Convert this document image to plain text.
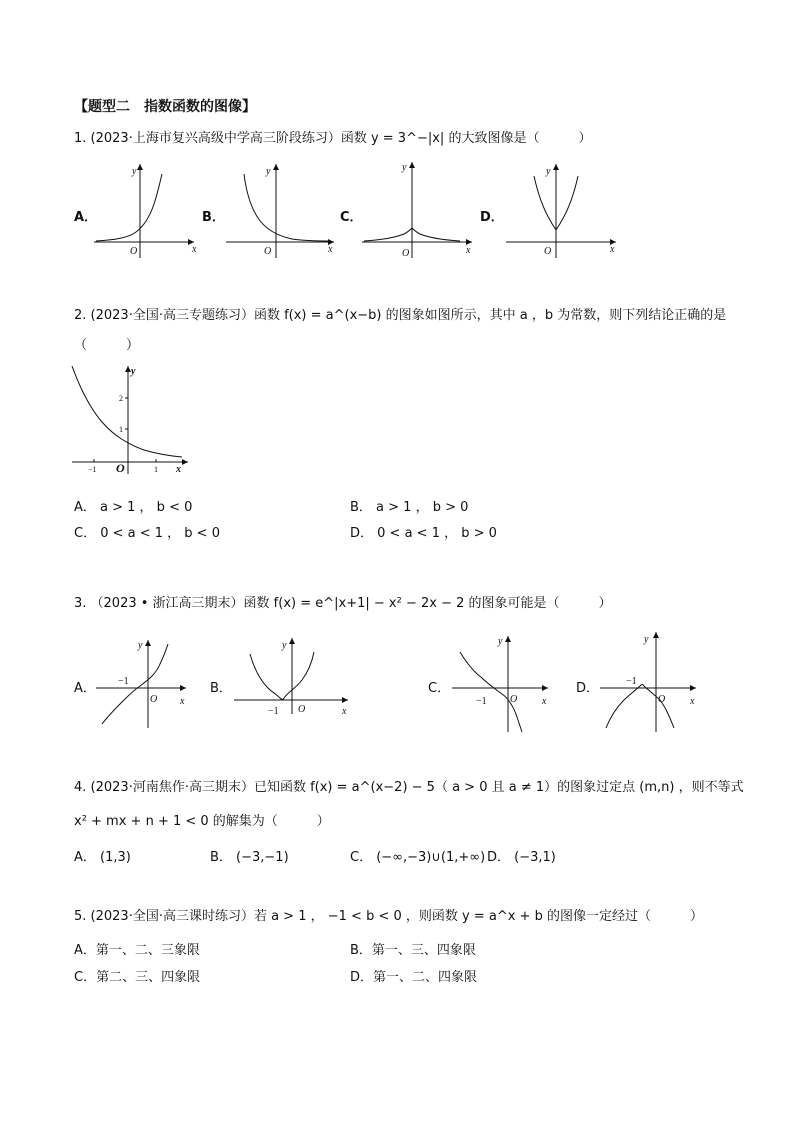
【题型二　指数函数的图像】
1. (2023·上海市复兴高级中学高三阶段练习）函数 y = 3^−|x| 的大致图像是（　　　）
A．
y
x
O
B．
y
x
O
C．
y
x
O
D．
y
x
O
2. (2023·全国·高三专题练习）函数 f(x) = a^(x−b) 的图象如图所示，其中 a ，b 为常数，则下列结论正确的是
（　　　）
y
x
O
−1	1
1
2
A． a > 1 ， b < 0	B． a > 1 ， b > 0
C． 0 < a < 1 ， b < 0	D． 0 < a < 1 ， b > 0
3. （2023 • 浙江高三期末）函数 f(x) = e^|x+1| − x² − 2x − 2 的图象可能是（　　　）
A．
y
x
O
−1	B．
y
x
O
−1
C．
y
x
O
−1
D．
y
x
O
−1
4. (2023·河南焦作·高三期末）已知函数 f(x) = a^(x−2) − 5（ a > 0 且 a ≠ 1）的图象过定点 (m,n) ，则不等式
x² + mx + n + 1 < 0 的解集为（　　　）
A． (1,3)	B． (−3,−1)	C． (−∞,−3)∪(1,+∞) D． (−3,1)
5. (2023·全国·高三课时练习）若 a > 1 ， −1 < b < 0 ，则函数 y = a^x + b 的图像一定经过（　　　）
A．第一、二、三象限	B．第一、三、四象限
C．第二、三、四象限	D．第一、二、四象限
